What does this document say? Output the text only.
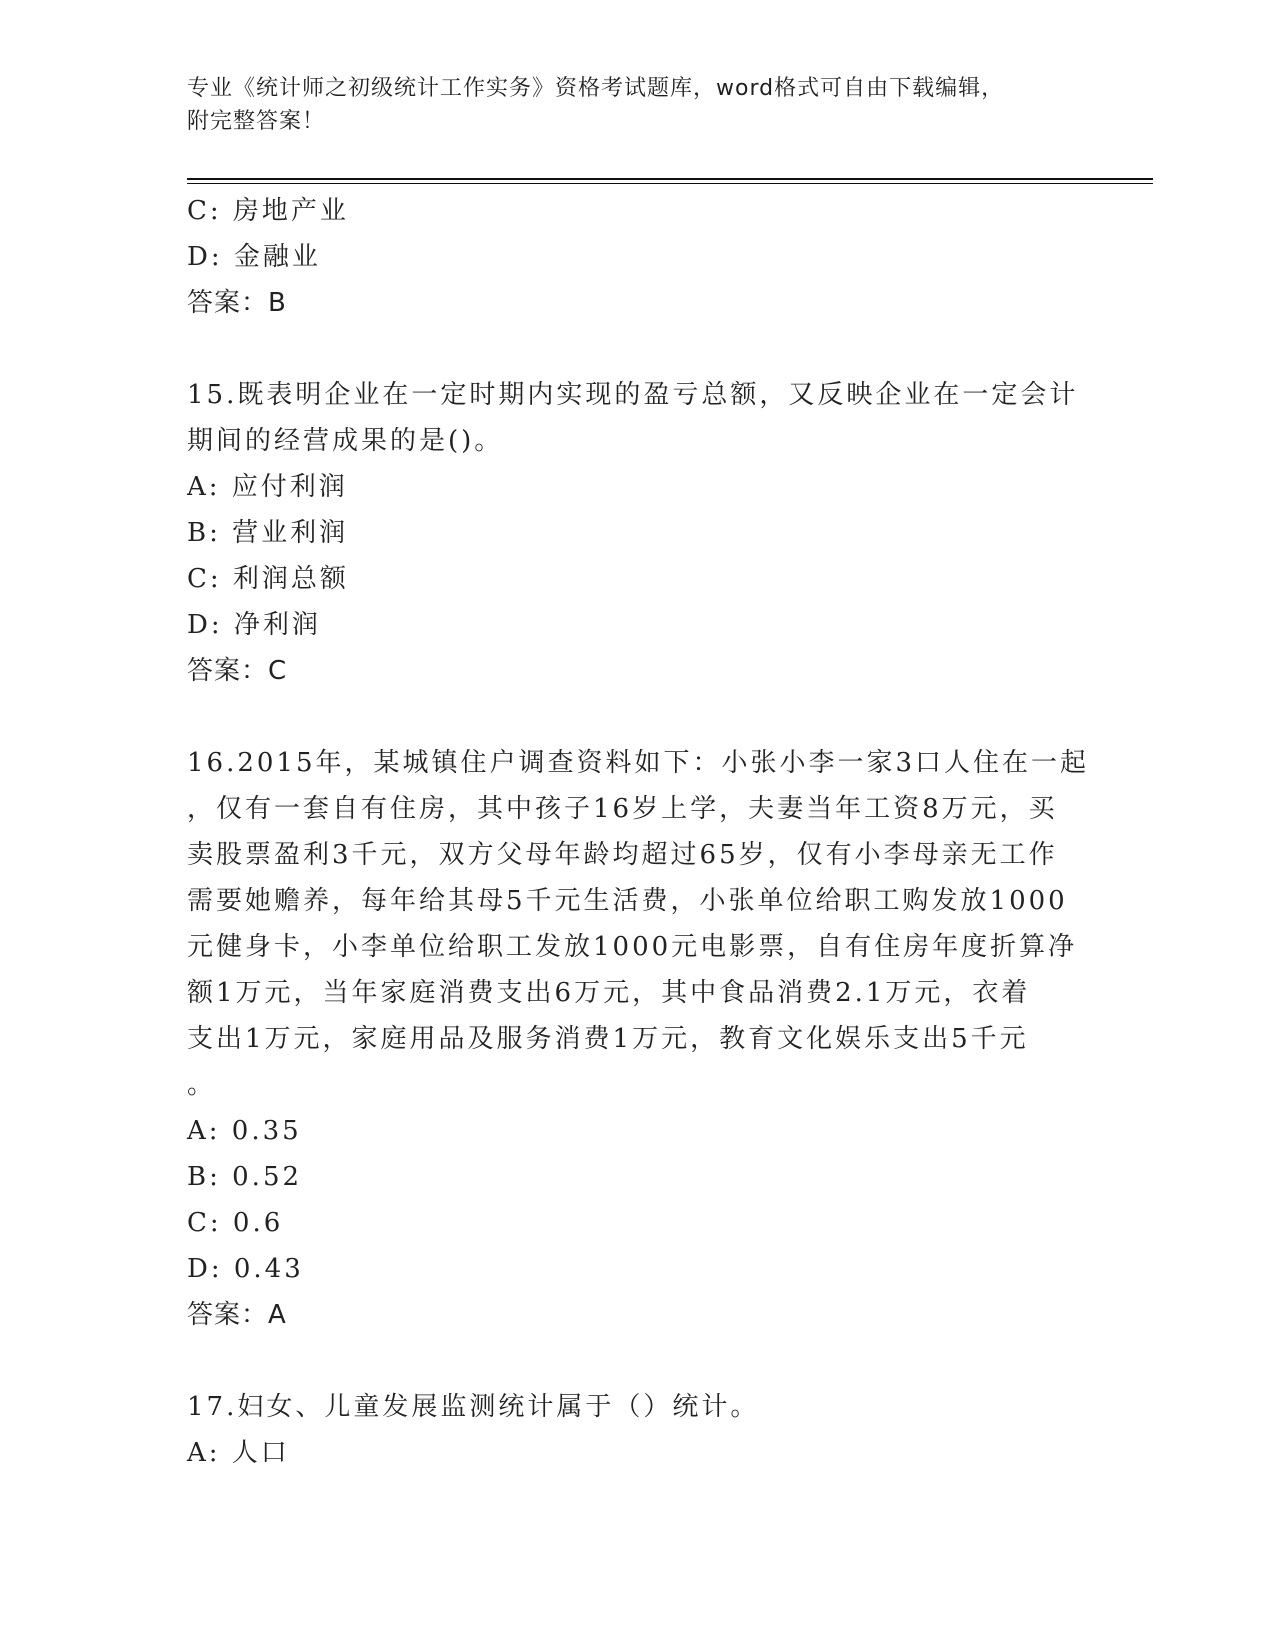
专业《统计师之初级统计工作实务》资格考试题库，word格式可自由下载编辑，
附完整答案！
C: 房地产业
D: 金融业
答案：B
15.既表明企业在一定时期内实现的盈亏总额，又反映企业在一定会计
期间的经营成果的是()。
A: 应付利润
B: 营业利润
C: 利润总额
D: 净利润
答案：C
16.2015年，某城镇住户调查资料如下：小张小李一家3口人住在一起
，仅有一套自有住房，其中孩子16岁上学，夫妻当年工资8万元，买
卖股票盈利3千元，双方父母年龄均超过65岁，仅有小李母亲无工作
需要她赡养，每年给其母5千元生活费，小张单位给职工购发放1000
元健身卡，小李单位给职工发放1000元电影票，自有住房年度折算净
额1万元，当年家庭消费支出6万元，其中食品消费2.1万元，衣着
支出1万元，家庭用品及服务消费1万元，教育文化娱乐支出5千元
。
A: 0.35
B: 0.52
C: 0.6
D: 0.43
答案：A
17.妇女、儿童发展监测统计属于（）统计。
A: 人口
